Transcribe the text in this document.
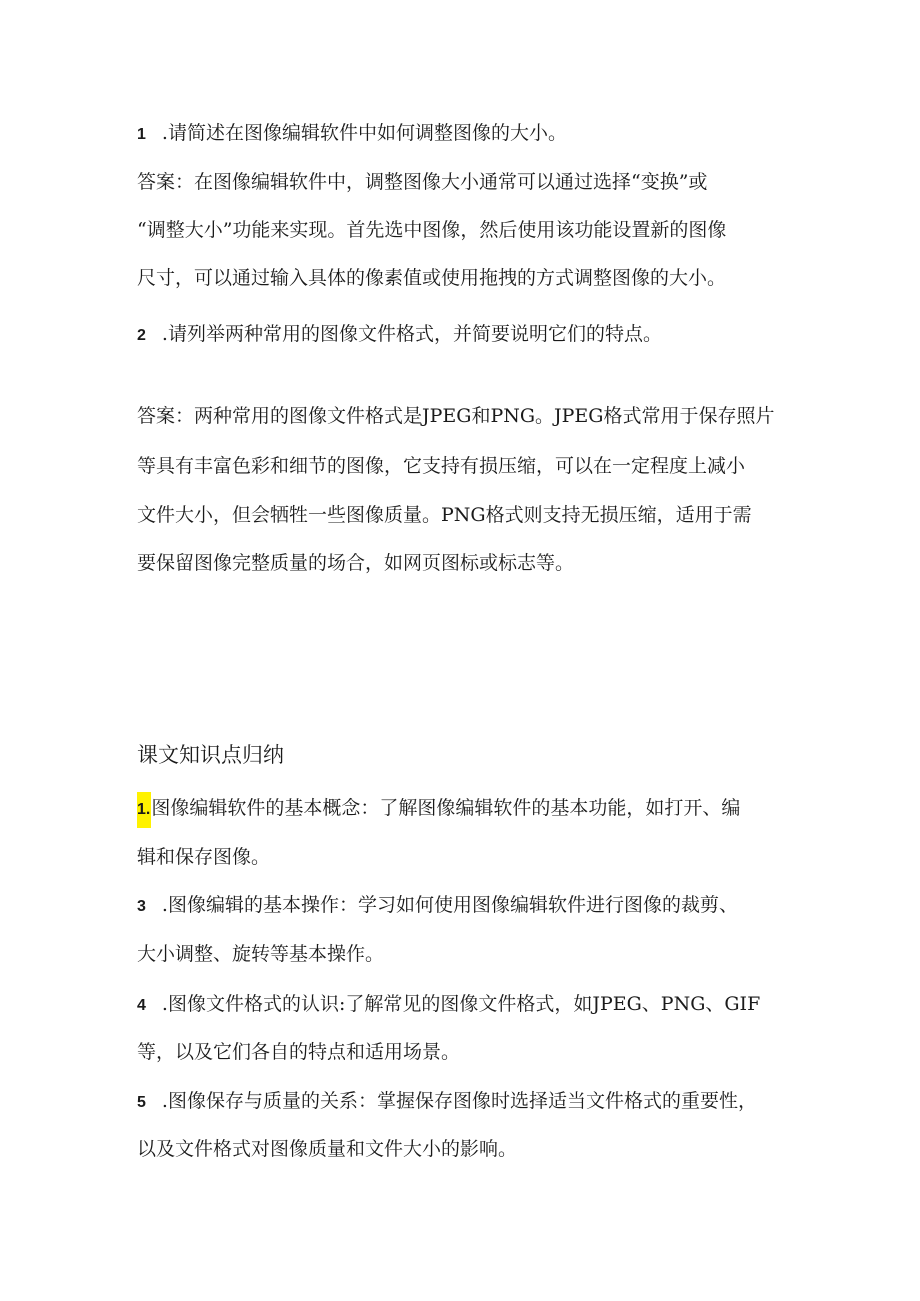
1 .请简述在图像编辑软件中如何调整图像的大小。
答案：在图像编辑软件中，调整图像大小通常可以通过选择“变换”或
“调整大小”功能来实现。首先选中图像，然后使用该功能设置新的图像
尺寸，可以通过输入具体的像素值或使用拖拽的方式调整图像的大小。
2 .请列举两种常用的图像文件格式，并简要说明它们的特点。
答案：两种常用的图像文件格式是JPEG和PNG。JPEG格式常用于保存照片
等具有丰富色彩和细节的图像，它支持有损压缩，可以在一定程度上减小
文件大小，但会牺牲一些图像质量。PNG格式则支持无损压缩，适用于需
要保留图像完整质量的场合，如网页图标或标志等。
课文知识点归纳
1.图像编辑软件的基本概念：了解图像编辑软件的基本功能，如打开、编
辑和保存图像。
3 .图像编辑的基本操作：学习如何使用图像编辑软件进行图像的裁剪、
大小调整、旋转等基本操作。
4 .图像文件格式的认识:了解常见的图像文件格式，如JPEG、PNG、GIF
等，以及它们各自的特点和适用场景。
5 .图像保存与质量的关系：掌握保存图像时选择适当文件格式的重要性，
以及文件格式对图像质量和文件大小的影响。
